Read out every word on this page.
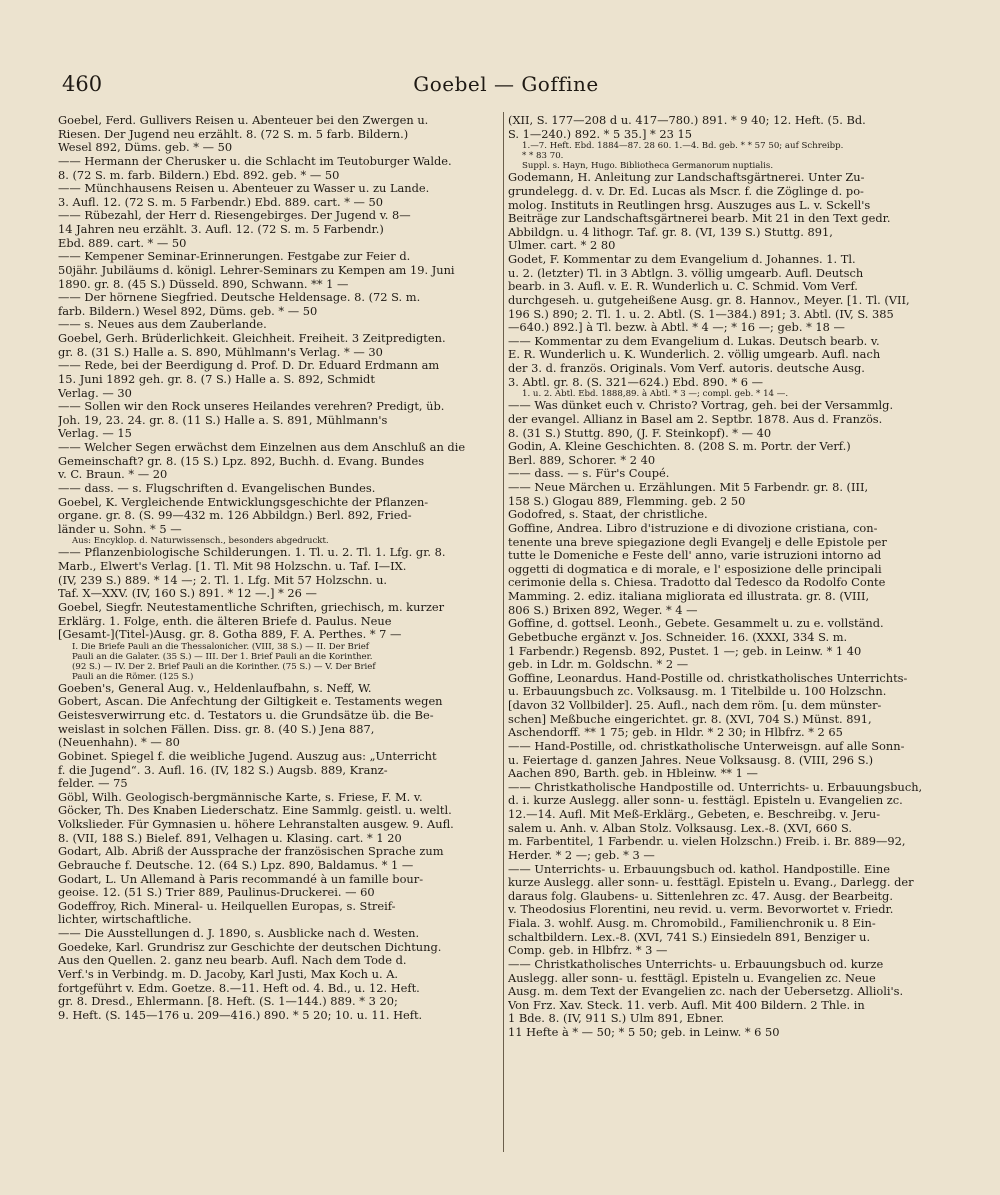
460	Goebel — Goffine
Goebel, Ferd. Gullivers Reisen u. Abenteuer bei den Zwergen u.
Riesen. Der Jugend neu erzählt. 8. (72 S. m. 5 farb. Bildern.)
Wesel 892, Düms. geb. * — 50
—— Hermann der Cherusker u. die Schlacht im Teutoburger Walde.
8. (72 S. m. farb. Bildern.) Ebd. 892. geb. * — 50
—— Münchhausens Reisen u. Abenteuer zu Wasser u. zu Lande.
3. Aufl. 12. (72 S. m. 5 Farbendr.) Ebd. 889. cart. * — 50
—— Rübezahl, der Herr d. Riesengebirges. Der Jugend v. 8—
14 Jahren neu erzählt. 3. Aufl. 12. (72 S. m. 5 Farbendr.)
Ebd. 889. cart. * — 50
—— Kempener Seminar-Erinnerungen. Festgabe zur Feier d.
50jähr. Jubiläums d. königl. Lehrer-Seminars zu Kempen am 19. Juni
1890. gr. 8. (45 S.) Düsseld. 890, Schwann. ** 1 —
—— Der hörnene Siegfried. Deutsche Heldensage. 8. (72 S. m.
farb. Bildern.) Wesel 892, Düms. geb. * — 50
—— s. Neues aus dem Zauberlande.
Goebel, Gerh. Brüderlichkeit. Gleichheit. Freiheit. 3 Zeitpredigten.
gr. 8. (31 S.) Halle a. S. 890, Mühlmann's Verlag. * — 30
—— Rede, bei der Beerdigung d. Prof. D. Dr. Eduard Erdmann am
15. Juni 1892 geh. gr. 8. (7 S.) Halle a. S. 892, Schmidt
Verlag. — 30
—— Sollen wir den Rock unseres Heilandes verehren? Predigt, üb.
Joh. 19, 23. 24. gr. 8. (11 S.) Halle a. S. 891, Mühlmann's
Verlag. — 15
—— Welcher Segen erwächst dem Einzelnen aus dem Anschluß an die
Gemeinschaft? gr. 8. (15 S.) Lpz. 892, Buchh. d. Evang. Bundes
v. C. Braun. * — 20
—— dass. — s. Flugschriften d. Evangelischen Bundes.
Goebel, K. Vergleichende Entwicklungsgeschichte der Pflanzen-
organe. gr. 8. (S. 99—432 m. 126 Abbildgn.) Berl. 892, Fried-
länder u. Sohn. * 5 —
Aus: Encyklop. d. Naturwissensch., besonders abgedruckt.
—— Pflanzenbiologische Schilderungen. 1. Tl. u. 2. Tl. 1. Lfg. gr. 8.
Marb., Elwert's Verlag. [1. Tl. Mit 98 Holzschn. u. Taf. I—IX.
(IV, 239 S.) 889. * 14 —; 2. Tl. 1. Lfg. Mit 57 Holzschn. u.
Taf. X—XXV. (IV, 160 S.) 891. * 12 —.] * 26 —
Goebel, Siegfr. Neutestamentliche Schriften, griechisch, m. kurzer
Erklärg. 1. Folge, enth. die älteren Briefe d. Paulus. Neue
[Gesamt-](Titel-)Ausg. gr. 8. Gotha 889, F. A. Perthes. * 7 —
I. Die Briefe Pauli an die Thessalonicher. (VIII, 38 S.) — II. Der Brief
Pauli an die Galater. (35 S.) — III. Der 1. Brief Pauli an die Korinther.
(92 S.) — IV. Der 2. Brief Pauli an die Korinther. (75 S.) — V. Der Brief
Pauli an die Römer. (125 S.)
Goeben's, General Aug. v., Heldenlaufbahn, s. Neff, W.
Gobert, Ascan. Die Anfechtung der Giltigkeit e. Testaments wegen
Geistesverwirrung etc. d. Testators u. die Grundsätze üb. die Be-
weislast in solchen Fällen. Diss. gr. 8. (40 S.) Jena 887,
(Neuenhahn). * — 80
Gobinet. Spiegel f. die weibliche Jugend. Auszug aus: „Unterricht
f. die Jugend“. 3. Aufl. 16. (IV, 182 S.) Augsb. 889, Kranz-
felder. — 75
Göbl, Wilh. Geologisch-bergmännische Karte, s. Friese, F. M. v.
Göcker, Th. Des Knaben Liederschatz. Eine Sammlg. geistl. u. weltl.
Volkslieder. Für Gymnasien u. höhere Lehranstalten ausgew. 9. Aufl.
8. (VII, 188 S.) Bielef. 891, Velhagen u. Klasing. cart. * 1 20
Godart, Alb. Abriß der Aussprache der französischen Sprache zum
Gebrauche f. Deutsche. 12. (64 S.) Lpz. 890, Baldamus. * 1 —
Godart, L. Un Allemand à Paris recommandé à un famille bour-
geoise. 12. (51 S.) Trier 889, Paulinus-Druckerei. — 60
Godeffroy, Rich. Mineral- u. Heilquellen Europas, s. Streif-
lichter, wirtschaftliche.
—— Die Ausstellungen d. J. 1890, s. Ausblicke nach d. Westen.
Goedeke, Karl. Grundrisz zur Geschichte der deutschen Dichtung.
Aus den Quellen. 2. ganz neu bearb. Aufl. Nach dem Tode d.
Verf.'s in Verbindg. m. D. Jacoby, Karl Justi, Max Koch u. A.
fortgeführt v. Edm. Goetze. 8.—11. Heft od. 4. Bd., u. 12. Heft.
gr. 8. Dresd., Ehlermann. [8. Heft. (S. 1—144.) 889. * 3 20;
9. Heft. (S. 145—176 u. 209—416.) 890. * 5 20; 10. u. 11. Heft.
(XII, S. 177—208 d u. 417—780.) 891. * 9 40; 12. Heft. (5. Bd.
S. 1—240.) 892. * 5 35.] * 23 15
1.—7. Heft. Ebd. 1884—87. 28 60. 1.—4. Bd. geb. * * 57 50; auf Schreibp.
* * 83 70.
Suppl. s. Hayn, Hugo. Bibliotheca Germanorum nuptialis.
Godemann, H. Anleitung zur Landschaftsgärtnerei. Unter Zu-
grundelegg. d. v. Dr. Ed. Lucas als Mscr. f. die Zöglinge d. po-
molog. Instituts in Reutlingen hrsg. Auszuges aus L. v. Sckell's
Beiträge zur Landschaftsgärtnerei bearb. Mit 21 in den Text gedr.
Abbildgn. u. 4 lithogr. Taf. gr. 8. (VI, 139 S.) Stuttg. 891,
Ulmer. cart. * 2 80
Godet, F. Kommentar zu dem Evangelium d. Johannes. 1. Tl.
u. 2. (letzter) Tl. in 3 Abtlgn. 3. völlig umgearb. Aufl. Deutsch
bearb. in 3. Aufl. v. E. R. Wunderlich u. C. Schmid. Vom Verf.
durchgeseh. u. gutgeheißene Ausg. gr. 8. Hannov., Meyer. [1. Tl. (VII,
196 S.) 890; 2. Tl. 1. u. 2. Abtl. (S. 1—384.) 891; 3. Abtl. (IV, S. 385
—640.) 892.] à Tl. bezw. à Abtl. * 4 —; * 16 —; geb. * 18 —
—— Kommentar zu dem Evangelium d. Lukas. Deutsch bearb. v.
E. R. Wunderlich u. K. Wunderlich. 2. völlig umgearb. Aufl. nach
der 3. d. französ. Originals. Vom Verf. autoris. deutsche Ausg.
3. Abtl. gr. 8. (S. 321—624.) Ebd. 890. * 6 —
1. u. 2. Abtl. Ebd. 1888,89. à Abtl. * 3 —; compl. geb. * 14 —.
—— Was dünket euch v. Christo? Vortrag, geh. bei der Versammlg.
der evangel. Allianz in Basel am 2. Septbr. 1878. Aus d. Französ.
8. (31 S.) Stuttg. 890, (J. F. Steinkopf). * — 40
Godin, A. Kleine Geschichten. 8. (208 S. m. Portr. der Verf.)
Berl. 889, Schorer. * 2 40
—— dass. — s. Für's Coupé.
—— Neue Märchen u. Erzählungen. Mit 5 Farbendr. gr. 8. (III,
158 S.) Glogau 889, Flemming. geb. 2 50
Godofred, s. Staat, der christliche.
Goffine, Andrea. Libro d'istruzione e di divozione cristiana, con-
tenente una breve spiegazione degli Evangelj e delle Epistole per
tutte le Domeniche e Feste dell' anno, varie istruzioni intorno ad
oggetti di dogmatica e di morale, e l' esposizione delle principali
cerimonie della s. Chiesa. Tradotto dal Tedesco da Rodolfo Conte
Mamming. 2. ediz. italiana migliorata ed illustrata. gr. 8. (VIII,
806 S.) Brixen 892, Weger. * 4 —
Goffine, d. gottsel. Leonh., Gebete. Gesammelt u. zu e. vollständ.
Gebetbuche ergänzt v. Jos. Schneider. 16. (XXXI, 334 S. m.
1 Farbendr.) Regensb. 892, Pustet. 1 —; geb. in Leinw. * 1 40
geb. in Ldr. m. Goldschn. * 2 —
Goffine, Leonardus. Hand-Postille od. christkatholisches Unterrichts-
u. Erbauungsbuch zc. Volksausg. m. 1 Titelbilde u. 100 Holzschn.
[davon 32 Vollbilder]. 25. Aufl., nach dem röm. [u. dem münster-
schen] Meßbuche eingerichtet. gr. 8. (XVI, 704 S.) Münst. 891,
Aschendorff. ** 1 75; geb. in Hldr. * 2 30; in Hlbfrz. * 2 65
—— Hand-Postille, od. christkatholische Unterweisgn. auf alle Sonn-
u. Feiertage d. ganzen Jahres. Neue Volksausg. 8. (VIII, 296 S.)
Aachen 890, Barth. geb. in Hbleinw. ** 1 —
—— Christkatholische Handpostille od. Unterrichts- u. Erbauungsbuch,
d. i. kurze Auslegg. aller sonn- u. festtägl. Episteln u. Evangelien zc.
12.—14. Aufl. Mit Meß-Erklärg., Gebeten, e. Beschreibg. v. Jeru-
salem u. Anh. v. Alban Stolz. Volksausg. Lex.-8. (XVI, 660 S.
m. Farbentitel, 1 Farbendr. u. vielen Holzschn.) Freib. i. Br. 889—92,
Herder. * 2 —; geb. * 3 —
—— Unterrichts- u. Erbauungsbuch od. kathol. Handpostille. Eine
kurze Auslegg. aller sonn- u. festtägl. Episteln u. Evang., Darlegg. der
daraus folg. Glaubens- u. Sittenlehren zc. 47. Ausg. der Bearbeitg.
v. Theodosius Florentini, neu revid. u. verm. Bevorwortet v. Friedr.
Fiala. 3. wohlf. Ausg. m. Chromobild., Familienchronik u. 8 Ein-
schaltbildern. Lex.-8. (XVI, 741 S.) Einsiedeln 891, Benziger u.
Comp. geb. in Hlbfrz. * 3 —
—— Christkatholisches Unterrichts- u. Erbauungsbuch od. kurze
Auslegg. aller sonn- u. festtägl. Episteln u. Evangelien zc. Neue
Ausg. m. dem Text der Evangelien zc. nach der Uebersetzg. Allioli's.
Von Frz. Xav. Steck. 11. verb. Aufl. Mit 400 Bildern. 2 Thle. in
1 Bde. 8. (IV, 911 S.) Ulm 891, Ebner.
11 Hefte à * — 50; * 5 50; geb. in Leinw. * 6 50
